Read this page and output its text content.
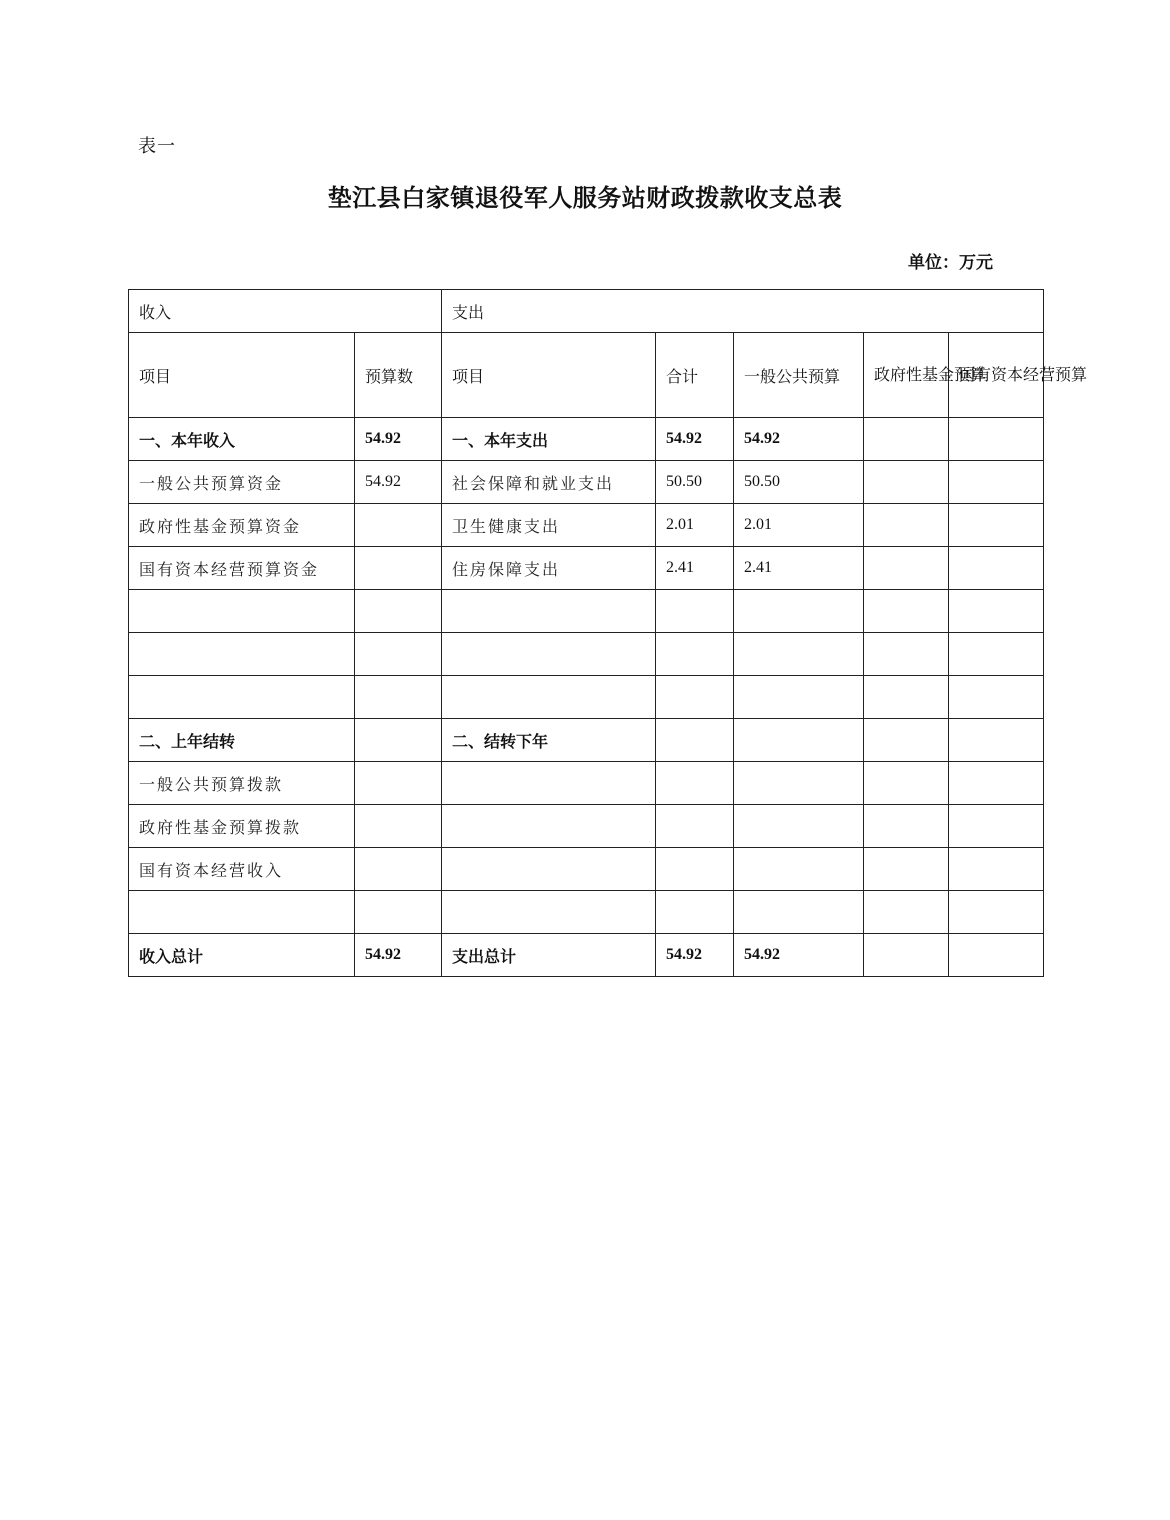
表一
垫江县白家镇退役军人服务站财政拨款收支总表
单位：万元
收入		支出				
项目	预算数	项目	合计	一般公共预算	政府性基金预算	国有资本经营预算
一、本年收入	54.92	一、本年支出	54.92	54.92		
一般公共预算资金	54.92	社会保障和就业支出	50.50	50.50		
政府性基金预算资金		卫生健康支出	2.01	2.01		
国有资本经营预算资金		住房保障支出	2.41	2.41		

二、上年结转		二、结转下年				
一般公共预算拨款						
政府性基金预算拨款						
国有资本经营收入						

收入总计	54.92	支出总计	54.92	54.92		
